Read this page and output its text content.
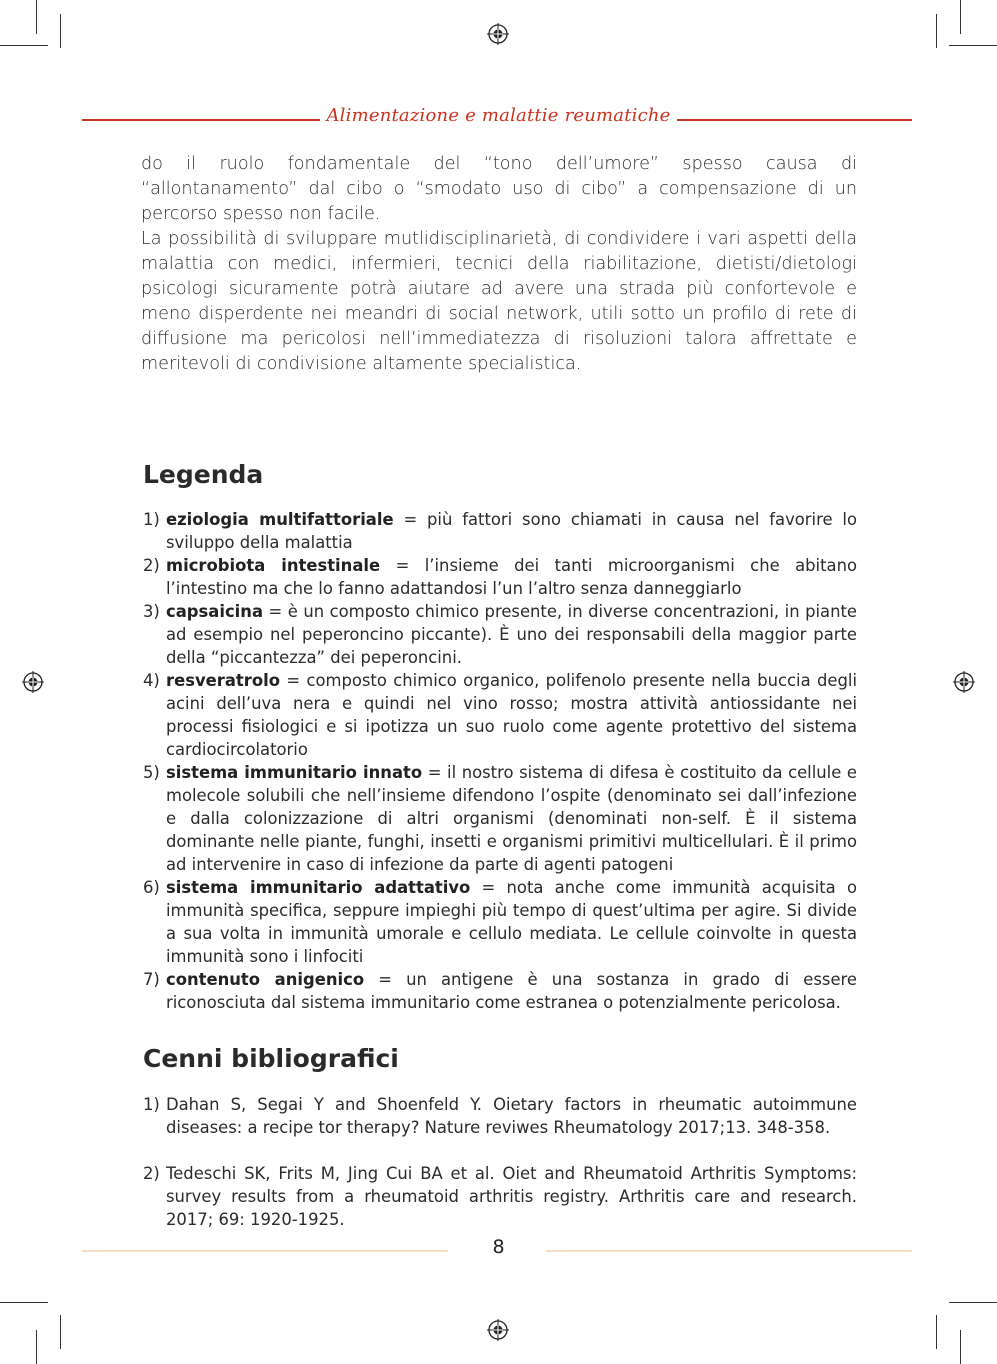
Alimentazione e malattie reumatiche

do il ruolo fondamentale del “tono dell’umore” spesso causa di “allontanamento” dal cibo o “smodato uso di cibo” a compensazione di un percorso spesso non facile.

La possibilità di sviluppare mutlidisciplinarietà, di condividere i vari aspetti della malattia con medici, infermieri, tecnici della riabilitazione, dietisti/dietologi psicologi sicuramente potrà aiutare ad avere una strada più confortevole e meno disperdente nei meandri di social network, utili sotto un profilo di rete di diffusione ma pericolosi nell’immediatezza di risoluzioni talora affrettate e meritevoli di condivisione altamente specialistica.

Legenda
1) eziologia multifattoriale = più fattori sono chiamati in causa nel favorire lo sviluppo della malattia
2) microbiota intestinale = l’insieme dei tanti microorganismi che abitano l’intestino ma che lo fanno adattandosi l’un l’altro senza danneggiarlo
3) capsaicina = è un composto chimico presente, in diverse concentrazioni, in piante ad esempio nel peperoncino piccante). È uno dei responsabili della maggior parte della “piccantezza” dei peperoncini.
4) resveratrolo = composto chimico organico, polifenolo presente nella buccia degli acini dell’uva nera e quindi nel vino rosso; mostra attività antiossidante nei processi fisiologici e si ipotizza un suo ruolo come agente protettivo del sistema cardiocircolatorio
5) sistema immunitario innato = il nostro sistema di difesa è costituito da cellule e molecole solubili che nell’insieme difendono l’ospite (denominato sei dall’infezione e dalla colonizzazione di altri organismi (denominati non-self. È il sistema dominante nelle piante, funghi, insetti e organismi primitivi multicellulari. È il primo ad intervenire in caso di infezione da parte di agenti patogeni
6) sistema immunitario adattativo = nota anche come immunità acquisita o immunità specifica, seppure impieghi più tempo di quest’ultima per agire. Si divide a sua volta in immunità umorale e cellulo mediata. Le cellule coinvolte in questa immunità sono i linfociti
7) contenuto anigenico = un antigene è una sostanza in grado di essere riconosciuta dal sistema immunitario come estranea o potenzialmente pericolosa.
Cenni bibliografici
1) Dahan S, Segai Y and Shoenfeld Y. Oietary factors in rheumatic autoimmune diseases: a recipe tor therapy? Nature reviwes Rheumatology 2017;13. 348-358.
2) Tedeschi SK, Frits M, Jing Cui BA et al. Oiet and Rheumatoid Arthritis Symptoms: survey results from a rheumatoid arthritis registry. Arthritis care and research. 2017; 69: 1920-1925.
8
